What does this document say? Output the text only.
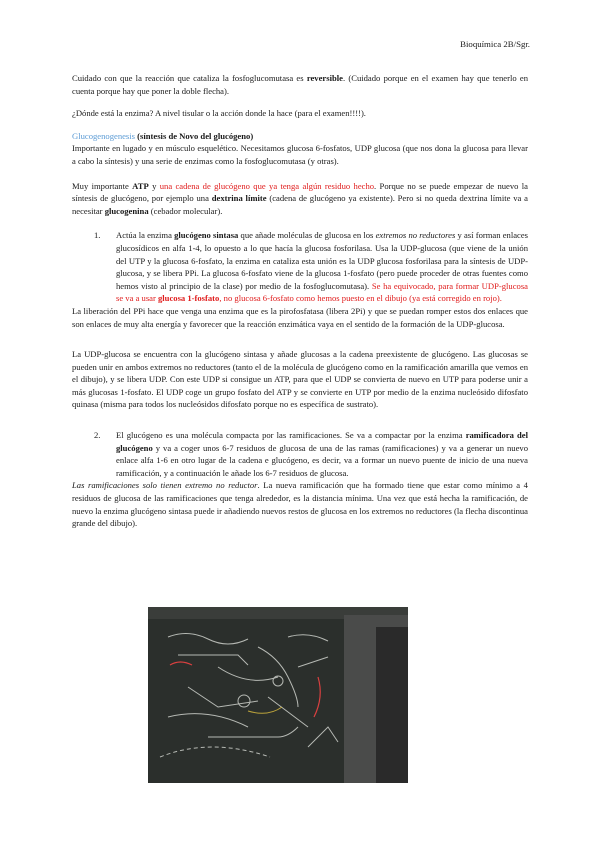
Bioquímica 2B/Sgr.

Cuidado con que la reacción que cataliza la fosfoglucomutasa es reversible. (Cuidado porque en el examen hay que tenerlo en cuenta porque hay que poner la doble flecha).

¿Dónde está la enzima? A nivel tisular o la acción donde la hace (para el examen!!!!).

Glucogenogenesis (síntesis de Novo del glucógeno)

Importante en lugado y en músculo esquelético. Necesitamos glucosa 6-fosfatos, UDP glucosa (que nos dona la glucosa para llevar a cabo la síntesis) y una serie de enzimas como la fosfoglucomutasa (y otras).

Muy importante ATP y una cadena de glucógeno que ya tenga algún residuo hecho. Porque no se puede empezar de nuevo la síntesis de glucógeno, por ejemplo una dextrina límite (cadena de glucógeno ya existente). Pero si no queda dextrina límite va a necesitar glucogenina (cebador molecular).

1.	Actúa la enzima glucógeno sintasa que añade moléculas de glucosa en los extremos no reductores y así forman enlaces glucosídicos en alfa 1-4, lo opuesto a lo que hacía la glucosa fosforilasa. Usa la UDP-glucosa (que viene de la unión del UTP y la glucosa 6-fosfato, la enzima en cataliza esta unión es la UDP glucosa fosforilasa para la síntesis de UDP-glucosa, y se libera PPi. La glucosa 6-fosfato viene de la glucosa 1-fosfato (pero puede proceder de otras fuentes como hemos visto al principio de la clase) por medio de la fosfoglucomutasa). Se ha equivocado, para formar UDP-glucosa se va a usar glucosa 1-fosfato, no glucosa 6-fosfato como hemos puesto en el dibujo (ya está corregido en rojo).

La liberación del PPi hace que venga una enzima que es la pirofosfatasa (libera 2Pi) y que se puedan romper estos dos enlaces que son enlaces de muy alta energía y favorecer que la reacción enzimática vaya en el sentido de la formación de la UDP-glucosa.

La UDP-glucosa se encuentra con la glucógeno sintasa y añade glucosas a la cadena preexistente de glucógeno. Las glucosas se pueden unir en ambos extremos no reductores (tanto el de la molécula de glucógeno como en la ramificación amarilla que vemos en el dibujo), y se libera UDP. Con este UDP si consigue un ATP, para que el UDP se convierta de nuevo en UTP para poderse unir a más glucosas 1-fosfato. El UDP coge un grupo fosfato del ATP y se convierte en UTP por medio de la enzima nucleósido difosfato quinasa (misma para todos los nucleósidos difosfato porque no es específica de sustrato).

2.	El glucógeno es una molécula compacta por las ramificaciones. Se va a compactar por la enzima ramificadora del glucógeno y va a coger unos 6-7 residuos de glucosa de una de las ramas (ramificaciones) y va a generar un nuevo enlace alfa 1-6 en otro lugar de la cadena e glucógeno, es decir, va a formar un nuevo puente de inicio de una nueva ramificación, y a continuación le añade los 6-7 residuos de glucosa.

Las ramificaciones solo tienen extremo no reductor. La nueva ramificación que ha formado tiene que estar como mínimo a 4 residuos de glucosa de las ramificaciones que tenga alrededor, es la distancia mínima. Una vez que está hecha la ramificación, de nuevo la enzima glucógeno sintasa puede ir añadiendo nuevos restos de glucosa en los extremos no reductores (la flecha discontinua grande del dibujo).
